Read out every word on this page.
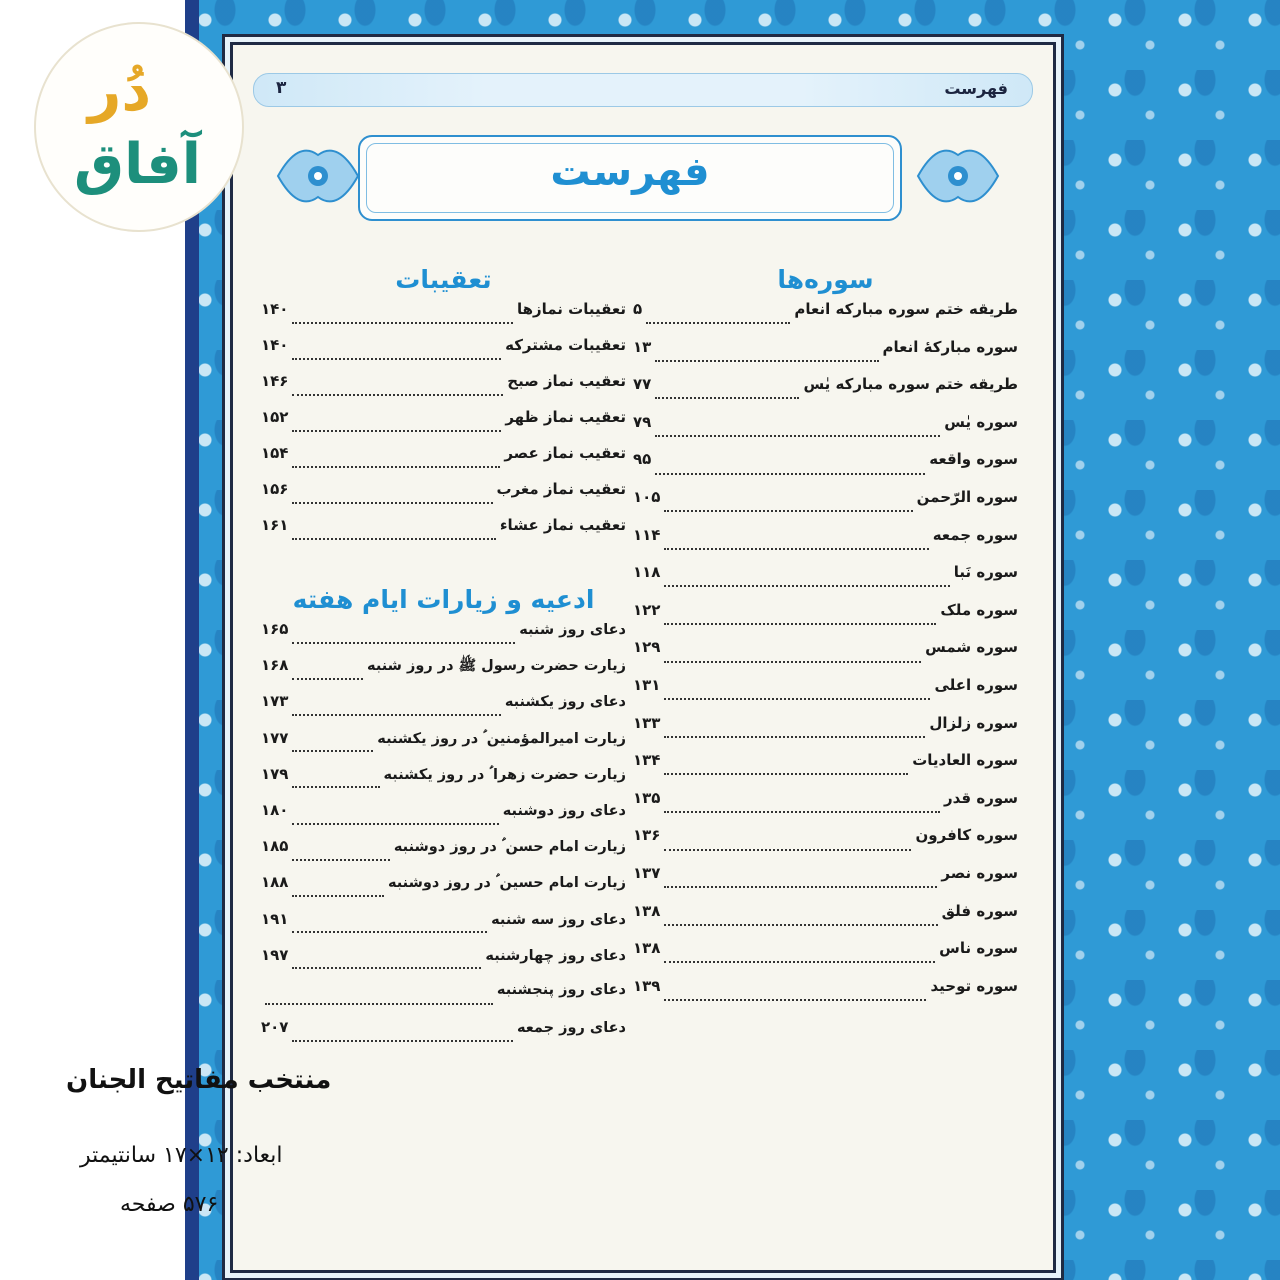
فهرست
۳
فهرست
سوره‌ها
طریقه ختم سوره مبارکه انعام
۵
سوره مبارکهٔ انعام
۱۳
طریقه ختم سوره مبارکه یٰس
۷۷
سوره یٰس
۷۹
سوره واقعه
۹۵
سوره الرّحمن
۱۰۵
سوره جمعه
۱۱۴
سوره نَبا
۱۱۸
سوره ملک
۱۲۲
سوره شمس
۱۲۹
سوره اعلی
۱۳۱
سوره زلزال
۱۳۳
سوره العادیات
۱۳۴
سوره قدر
۱۳۵
سوره کافرون
۱۳۶
سوره نصر
۱۳۷
سوره فلق
۱۳۸
سوره ناس
۱۳۸
سوره توحید
۱۳۹
تعقیبات
تعقیبات نمازها
۱۴۰
تعقیبات مشترکه
۱۴۰
تعقیب نماز صبح
۱۴۶
تعقیب نماز ظهر
۱۵۲
تعقیب نماز عصر
۱۵۴
تعقیب نماز مغرب
۱۵۶
تعقیب نماز عشاء
۱۶۱
ادعیه و زیارات ایام هفته
دعای روز شنبه
۱۶۵
زیارت حضرت رسول ﷺ در روز شنبه
۱۶۸
دعای روز یکشنبه
۱۷۳
زیارت امیرالمؤمنین ؑ در روز یکشنبه
۱۷۷
زیارت حضرت زهرا ؑ در روز یکشنبه
۱۷۹
دعای روز دوشنبه
۱۸۰
زیارت امام حسن ؑ در روز دوشنبه
۱۸۵
زیارت امام حسین ؑ در روز دوشنبه
۱۸۸
دعای روز سه شنبه
۱۹۱
دعای روز چهارشنبه
۱۹۷
دعای روز پنجشنبه
دعای روز جمعه
۲۰۷
دُر
آفاق
منتخب مفاتیح الجنان
ابعاد: ۱۲×۱۷ سانتیمتر
۵۷۶ صفحه
